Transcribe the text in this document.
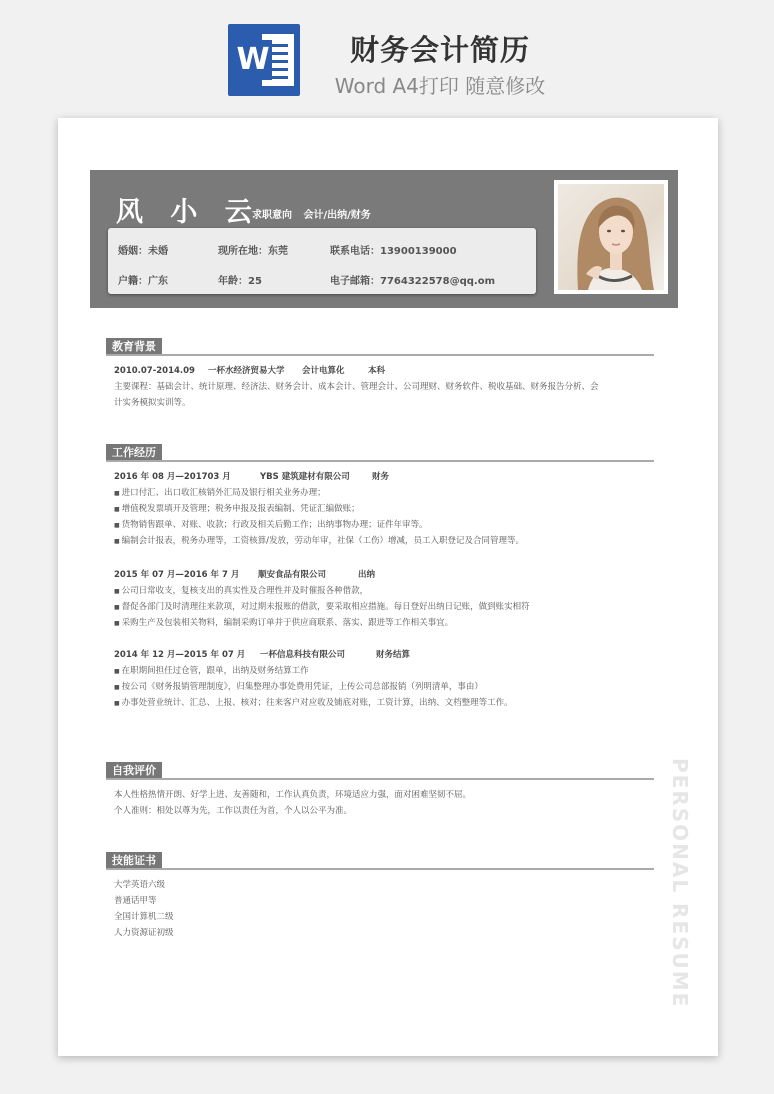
W	财务会计简历
Word A4打印 随意修改
风 小 云
求职意向 会计/出纳/财务
婚姻：未婚	现所在地：东莞	联系电话：13900139000
户籍：广东	年龄：25	电子邮箱：7764322578@qq.om
教育背景
2010.07-2014.09 一杯水经济贸易大学 会计电算化	本科
主要课程：基础会计、统计原理、经济法、财务会计、成本会计、管理会计、公司理财、财务软件、税收基础、财务报告分析、会
计实务模拟实训等。
工作经历
2016 年 08 月—201703 月	YBS 建筑建材有限公司	财务
■ 进口付汇、出口收汇核销外汇局及银行相关业务办理；
■ 增值税发票填开及管理；税务申报及报表编制、凭证汇编做账；
■ 货物销售跟单、对账、收款；行政及相关后勤工作；出纳事物办理；证件年审等。
■ 编制会计报表，税务办理等，工资核算/发放，劳动年审，社保（工伤）增减，员工入职登记及合同管理等。
2015 年 07 月—2016 年 7 月 顺安食品有限公司	出纳
■ 公司日常收支，复核支出的真实性及合理性并及时催报各种借款，
■ 督促各部门及时清理往来款项，对过期未报账的借款，要采取相应措施。每日登好出纳日记账，做到账实相符
■ 采购生产及包装相关物料，编制采购订单并于供应商联系、落实、跟进等工作相关事宜。
2014 年 12 月—2015 年 07 月 一杯信息科技有限公司	财务结算
■ 在职期间担任过仓管，跟单，出纳及财务结算工作
■ 按公司《财务报销管理制度》，归集整理办事处费用凭证，上传公司总部报销（列明清单，事由）
■ 办事处营业统计、汇总、上报、核对；往来客户对应收及铺底对账，工资计算，出纳、文档整理等工作。
自我评价
本人性格热情开朗、好学上进、友善随和，工作认真负责，环境适应力强，面对困难坚韧不屈。
个人准则：相处以尊为先，工作以责任为首，个人以公平为准。
技能证书
大学英语六级
普通话甲等
全国计算机二级
人力资源证初级	PERSONAL RESUME
